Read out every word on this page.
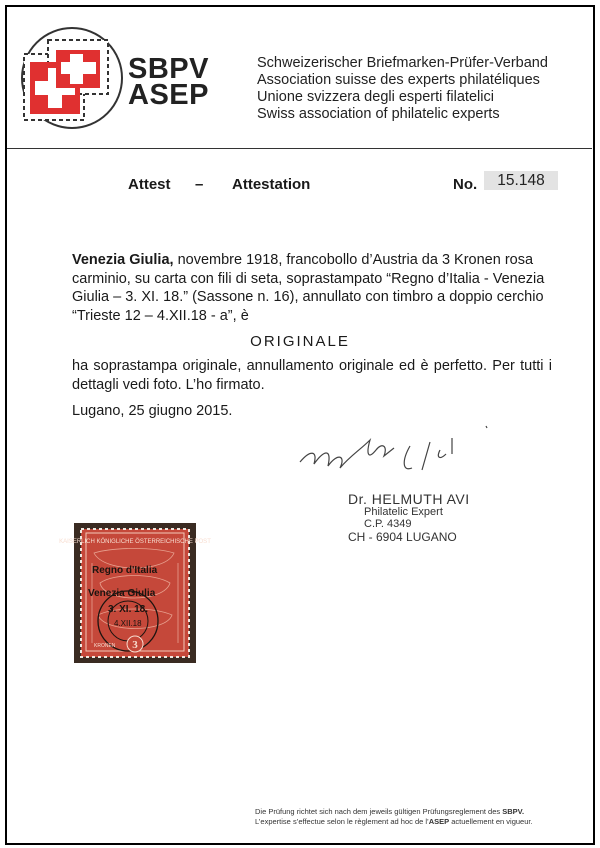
SBPV
ASEP
Schweizerischer Briefmarken-Prüfer-Verband
Association suisse des experts philatéliques
Unione svizzera degli esperti filatelici
Swiss association of philatelic experts
Attest – Attestation	No.	15.148
Venezia Giulia, novembre 1918, francobollo d’Austria da 3 Kronen rosa carminio, su carta con fili di seta, soprastampato “Regno d’Italia - Venezia Giulia – 3. XI. 18.” (Sassone n. 16), annullato con timbro a doppio cerchio “Trieste 12 – 4.XII.18 - a”, è
ORIGINALE
ha soprastampa originale, annullamento originale ed è perfetto. Per tutti i dettagli vedi foto. L’ho firmato.
Lugano, 25 giugno 2015.
Dr. HELMUTH AVI
Philatelic Expert
C.P. 4349
CH - 6904 LUGANO
KAISERLICH KÖNIGLICHE ÖSTERREICHISCHE POST
Regno d'Italia
Venezia Giulia
3. XI. 18.
4.XII.18
3
KRONEN
Die Prüfung richtet sich nach dem jeweils gültigen Prüfungsreglement des SBPV.
L’expertise s’effectue selon le règlement ad hoc de l’ASEP actuellement en vigueur.
